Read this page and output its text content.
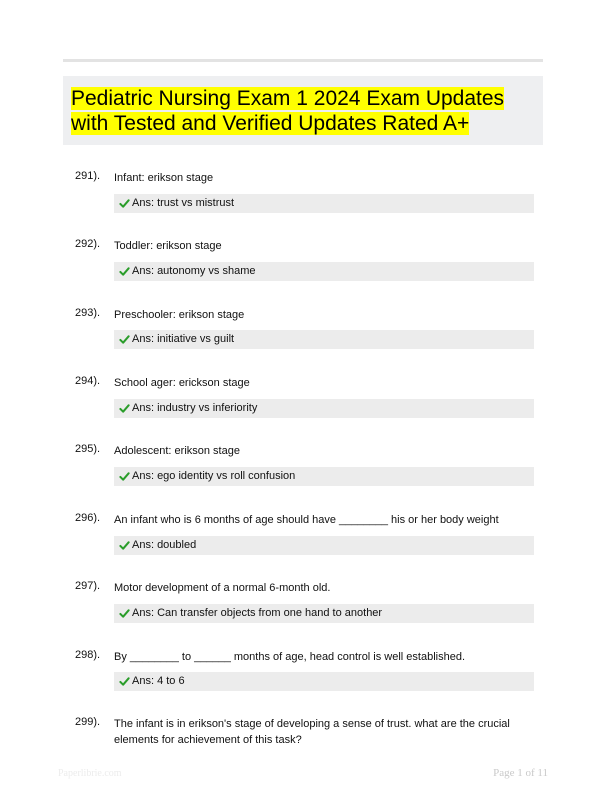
Pediatric Nursing Exam 1 2024 Exam Updates with Tested and Verified Updates Rated A+
291). Infant: erikson stage
Ans: trust vs mistrust
292). Toddler: erikson stage
Ans: autonomy vs shame
293). Preschooler: erikson stage
Ans: initiative vs guilt
294). School ager: erickson stage
Ans: industry vs inferiority
295). Adolescent: erikson stage
Ans: ego identity vs roll confusion
296). An infant who is 6 months of age should have ________ his or her body weight
Ans: doubled
297). Motor development of a normal 6-month old.
Ans: Can transfer objects from one hand to another
298). By ________ to ______ months of age, head control is well established.
Ans: 4 to 6
299). The infant is in erikson's stage of developing a sense of trust. what are the crucial elements for achievement of this task?
Paperlibrie.com	Page 1 of 11
